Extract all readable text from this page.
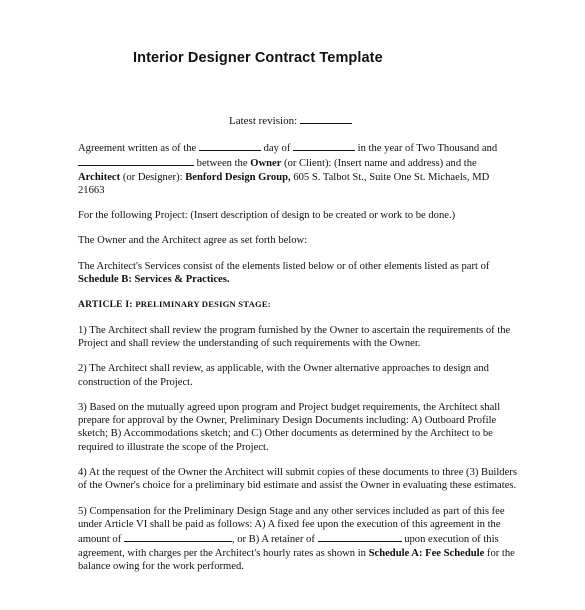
Interior Designer Contract Template
Latest revision:

Agreement written as of the	day of	in the year of Two Thousand and  between the Owner (or Client): (Insert name and address) and the Architect (or Designer): Benford Design Group, 605 S. Talbot St., Suite One St. Michaels, MD 21663

For the following Project: (Insert description of design to be created or work to be done.)

The Owner and the Architect agree as set forth below:

The Architect's Services consist of the elements listed below or of other elements listed as part of Schedule B: Services & Practices.

ARTICLE I: PRELIMINARY DESIGN STAGE:

1) The Architect shall review the program furnished by the Owner to ascertain the requirements of the Project and shall review the understanding of such requirements with the Owner.

2) The Architect shall review, as applicable, with the Owner alternative approaches to design and construction of the Project.

3) Based on the mutually agreed upon program and Project budget requirements, the Architect shall prepare for approval by the Owner, Preliminary Design Documents including: A) Outboard Profile sketch; B) Accommodations sketch; and C) Other documents as determined by the Architect to be required to illustrate the scope of the Project.

4) At the request of the Owner the Architect will submit copies of these documents to three (3) Builders of the Owner's choice for a preliminary bid estimate and assist the Owner in evaluating these estimates.

5) Compensation for the Preliminary Design Stage and any other services included as part of this fee under Article VI shall be paid as follows: A) A fixed fee upon the execution of this agreement in the amount of	, or B) A retainer of	upon execution of this agreement, with charges per the Architect's hourly rates as shown in Schedule A: Fee Schedule for the balance owing for the work performed.
